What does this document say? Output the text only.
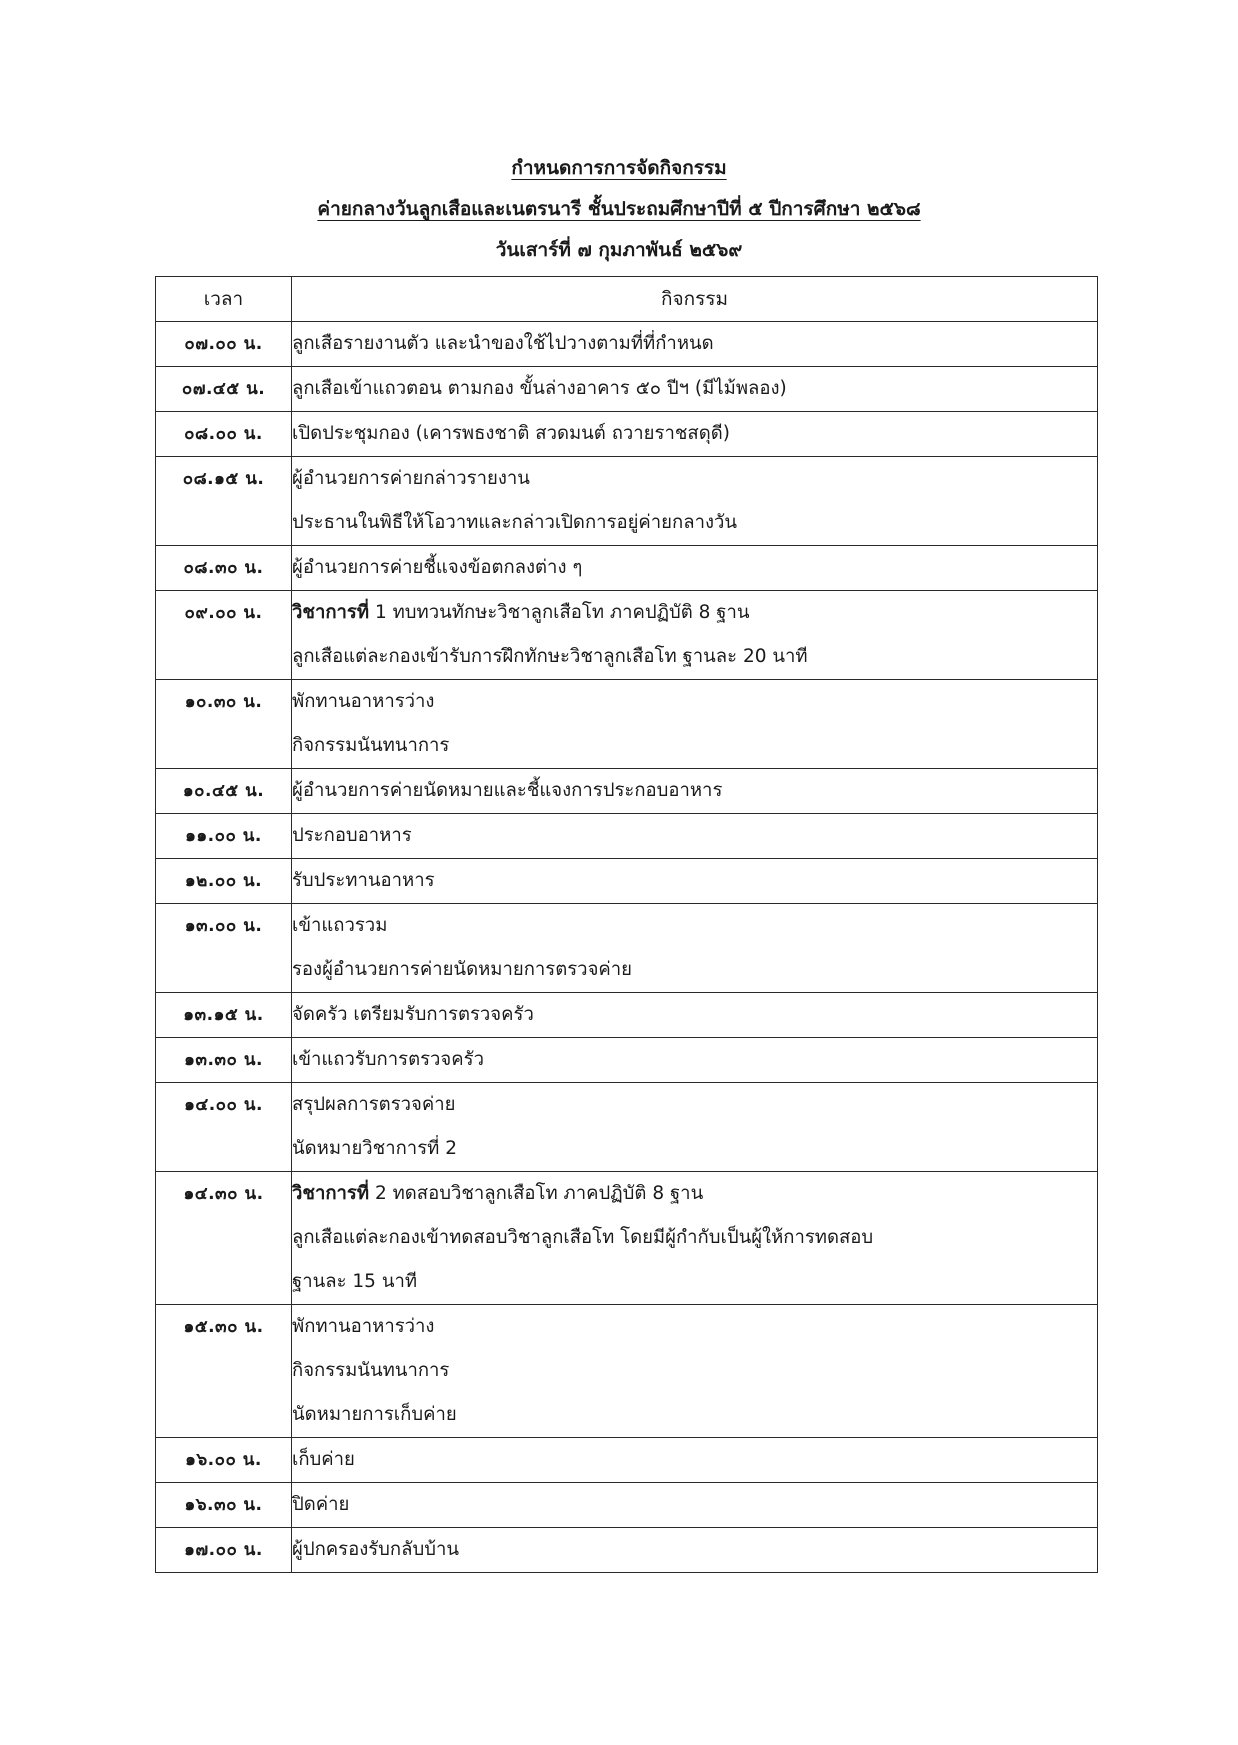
กำหนดการการจัดกิจกรรม
ค่ายกลางวันลูกเสือและเนตรนารี ชั้นประถมศึกษาปีที่ ๕ ปีการศึกษา ๒๕๖๘
วันเสาร์ที่ ๗ กุมภาพันธ์ ๒๕๖๙
เวลา	กิจกรรม
๐๗.๐๐ น.	ลูกเสือรายงานตัว และนำของใช้ไปวางตามที่ที่กำหนด

๐๗.๔๕ น.	ลูกเสือเข้าแถวตอน ตามกอง ขั้นล่างอาคาร ๕๐ ปีฯ (มีไม้พลอง)

๐๘.๐๐ น.	เปิดประชุมกอง (เคารพธงชาติ สวดมนต์ ถวายราชสดุดี)

๐๘.๑๕ น.	ผู้อำนวยการค่ายกล่าวรายงาน
ประธานในพิธีให้โอวาทและกล่าวเปิดการอยู่ค่ายกลางวัน

๐๘.๓๐ น.	ผู้อำนวยการค่ายชี้แจงข้อตกลงต่าง ๆ

๐๙.๐๐ น.	วิชาการที่ 1 ทบทวนทักษะวิชาลูกเสือโท ภาคปฏิบัติ 8 ฐาน
ลูกเสือแต่ละกองเข้ารับการฝึกทักษะวิชาลูกเสือโท ฐานละ 20 นาที

๑๐.๓๐ น.	พักทานอาหารว่าง
กิจกรรมนันทนาการ

๑๐.๔๕ น.	ผู้อำนวยการค่ายนัดหมายและชี้แจงการประกอบอาหาร

๑๑.๐๐ น.	ประกอบอาหาร

๑๒.๐๐ น.	รับประทานอาหาร

๑๓.๐๐ น.	เข้าแถวรวม
รองผู้อำนวยการค่ายนัดหมายการตรวจค่าย

๑๓.๑๕ น.	จัดครัว เตรียมรับการตรวจครัว

๑๓.๓๐ น.	เข้าแถวรับการตรวจครัว

๑๔.๐๐ น.	สรุปผลการตรวจค่าย
นัดหมายวิชาการที่ 2

๑๔.๓๐ น.	วิชาการที่ 2 ทดสอบวิชาลูกเสือโท ภาคปฏิบัติ 8 ฐาน
ลูกเสือแต่ละกองเข้าทดสอบวิชาลูกเสือโท โดยมีผู้กำกับเป็นผู้ให้การทดสอบ
ฐานละ 15 นาที

๑๕.๓๐ น.	พักทานอาหารว่าง
กิจกรรมนันทนาการ
นัดหมายการเก็บค่าย

๑๖.๐๐ น.	เก็บค่าย

๑๖.๓๐ น.	ปิดค่าย

๑๗.๐๐ น.	ผู้ปกครองรับกลับบ้าน
